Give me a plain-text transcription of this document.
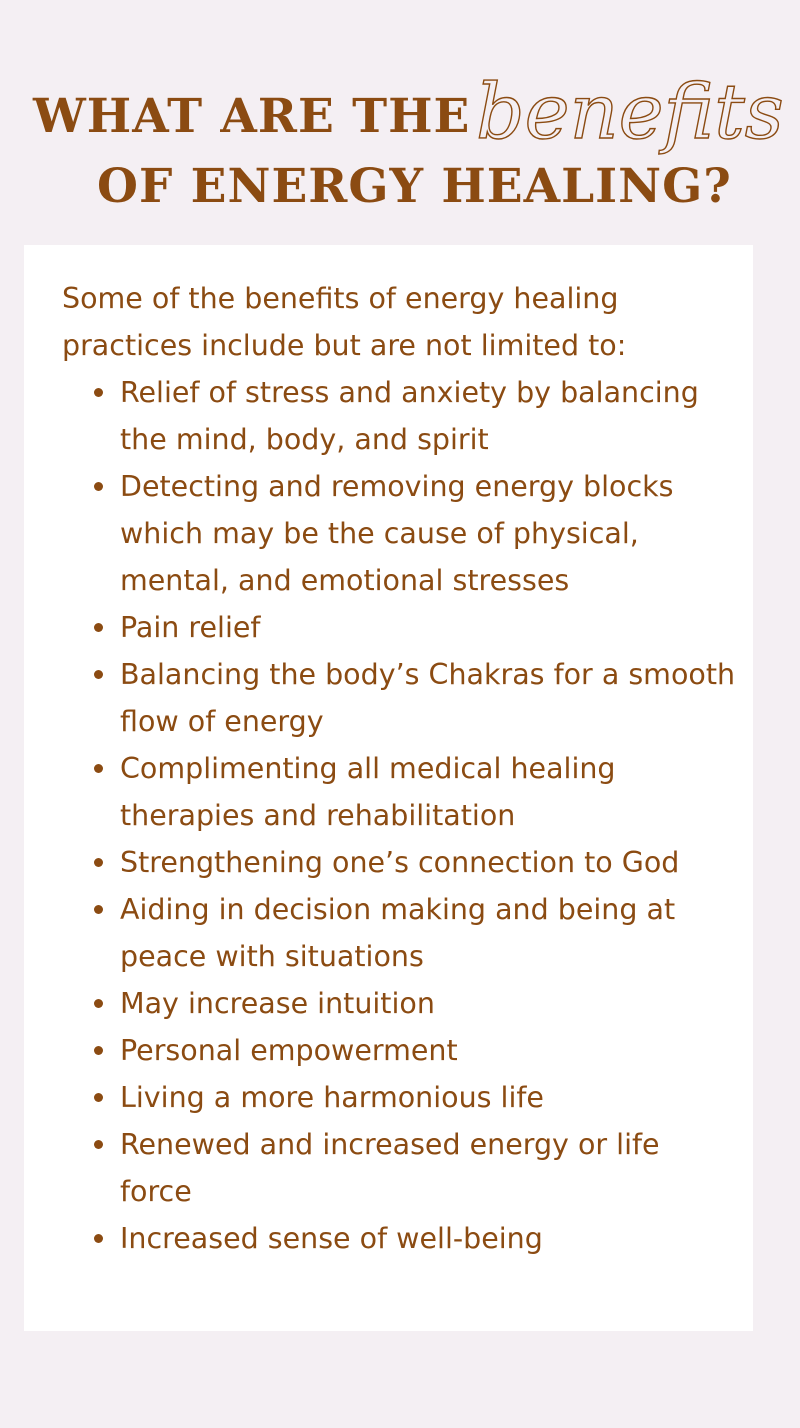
WHAT ARE THE benefits
OF ENERGY HEALING?

Some of the benefits of energy healing practices include but are not limited to:

Relief of stress and anxiety by balancing the mind, body, and spirit
Detecting and removing energy blocks which may be the cause of physical, mental, and emotional stresses
Pain relief
Balancing the body’s Chakras for a smooth flow of energy
Complimenting all medical healing therapies and rehabilitation
Strengthening one’s connection to God
Aiding in decision making and being at peace with situations
May increase intuition
Personal empowerment
Living a more harmonious life
Renewed and increased energy or life force
Increased sense of well-being
